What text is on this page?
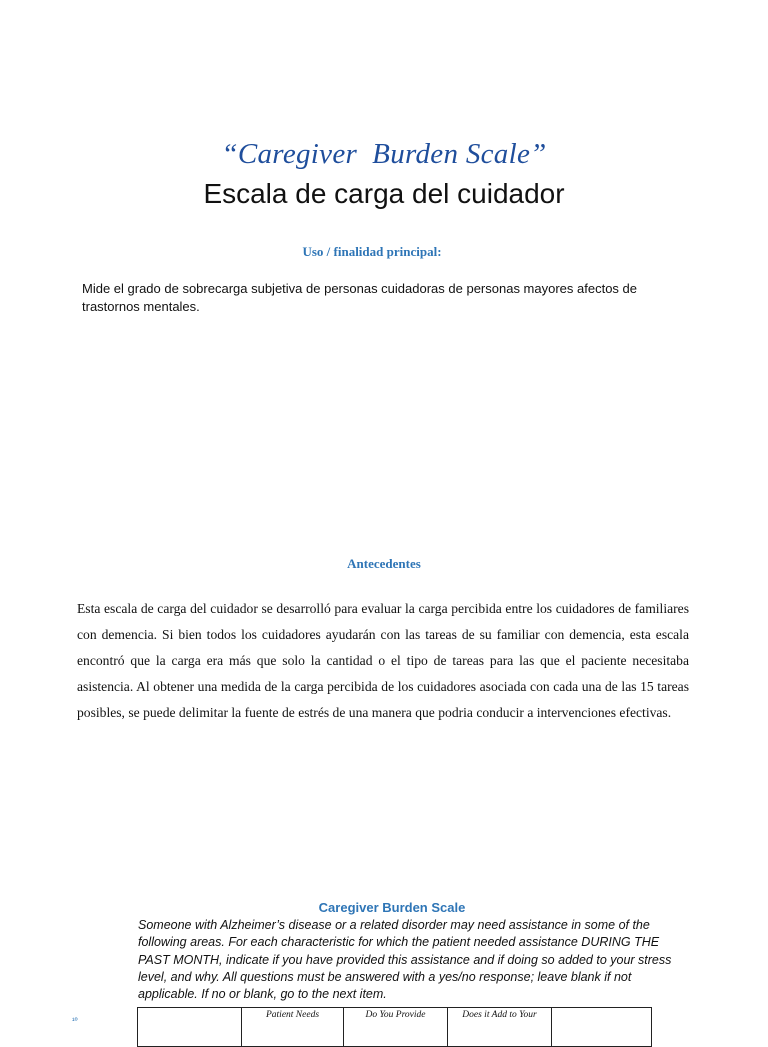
“Caregiver  Burden Scale”
Escala de carga del cuidador
Uso / finalidad principal:
Mide el grado de sobrecarga subjetiva de personas cuidadoras de personas mayores afectos de trastornos mentales.
Antecedentes
Esta escala de carga del cuidador se desarrolló para evaluar la carga percibida entre los cuidadores de familiares con demencia. Si bien todos los cuidadores ayudarán con las tareas de su familiar con demencia, esta escala encontró que la carga era más que solo la cantidad o el tipo de tareas para las que el paciente necesitaba asistencia. Al obtener una medida de la carga percibida de los cuidadores asociada con cada una de las 15 tareas posibles, se puede delimitar la fuente de estrés de una manera que podria conducir a intervenciones efectivas.
Caregiver Burden Scale
Someone with Alzheimer’s disease or a related disorder may need assistance in some of the following areas. For each characteristic for which the patient needed assistance DURING THE PAST MONTH, indicate if you have provided this assistance and if doing so added to your stress level, and why. All questions must be answered with a yes/no response; leave blank if not applicable. If no or blank, go to the next item.
	Patient Needs	Do You Provide	Does it Add to Your	
¹º
